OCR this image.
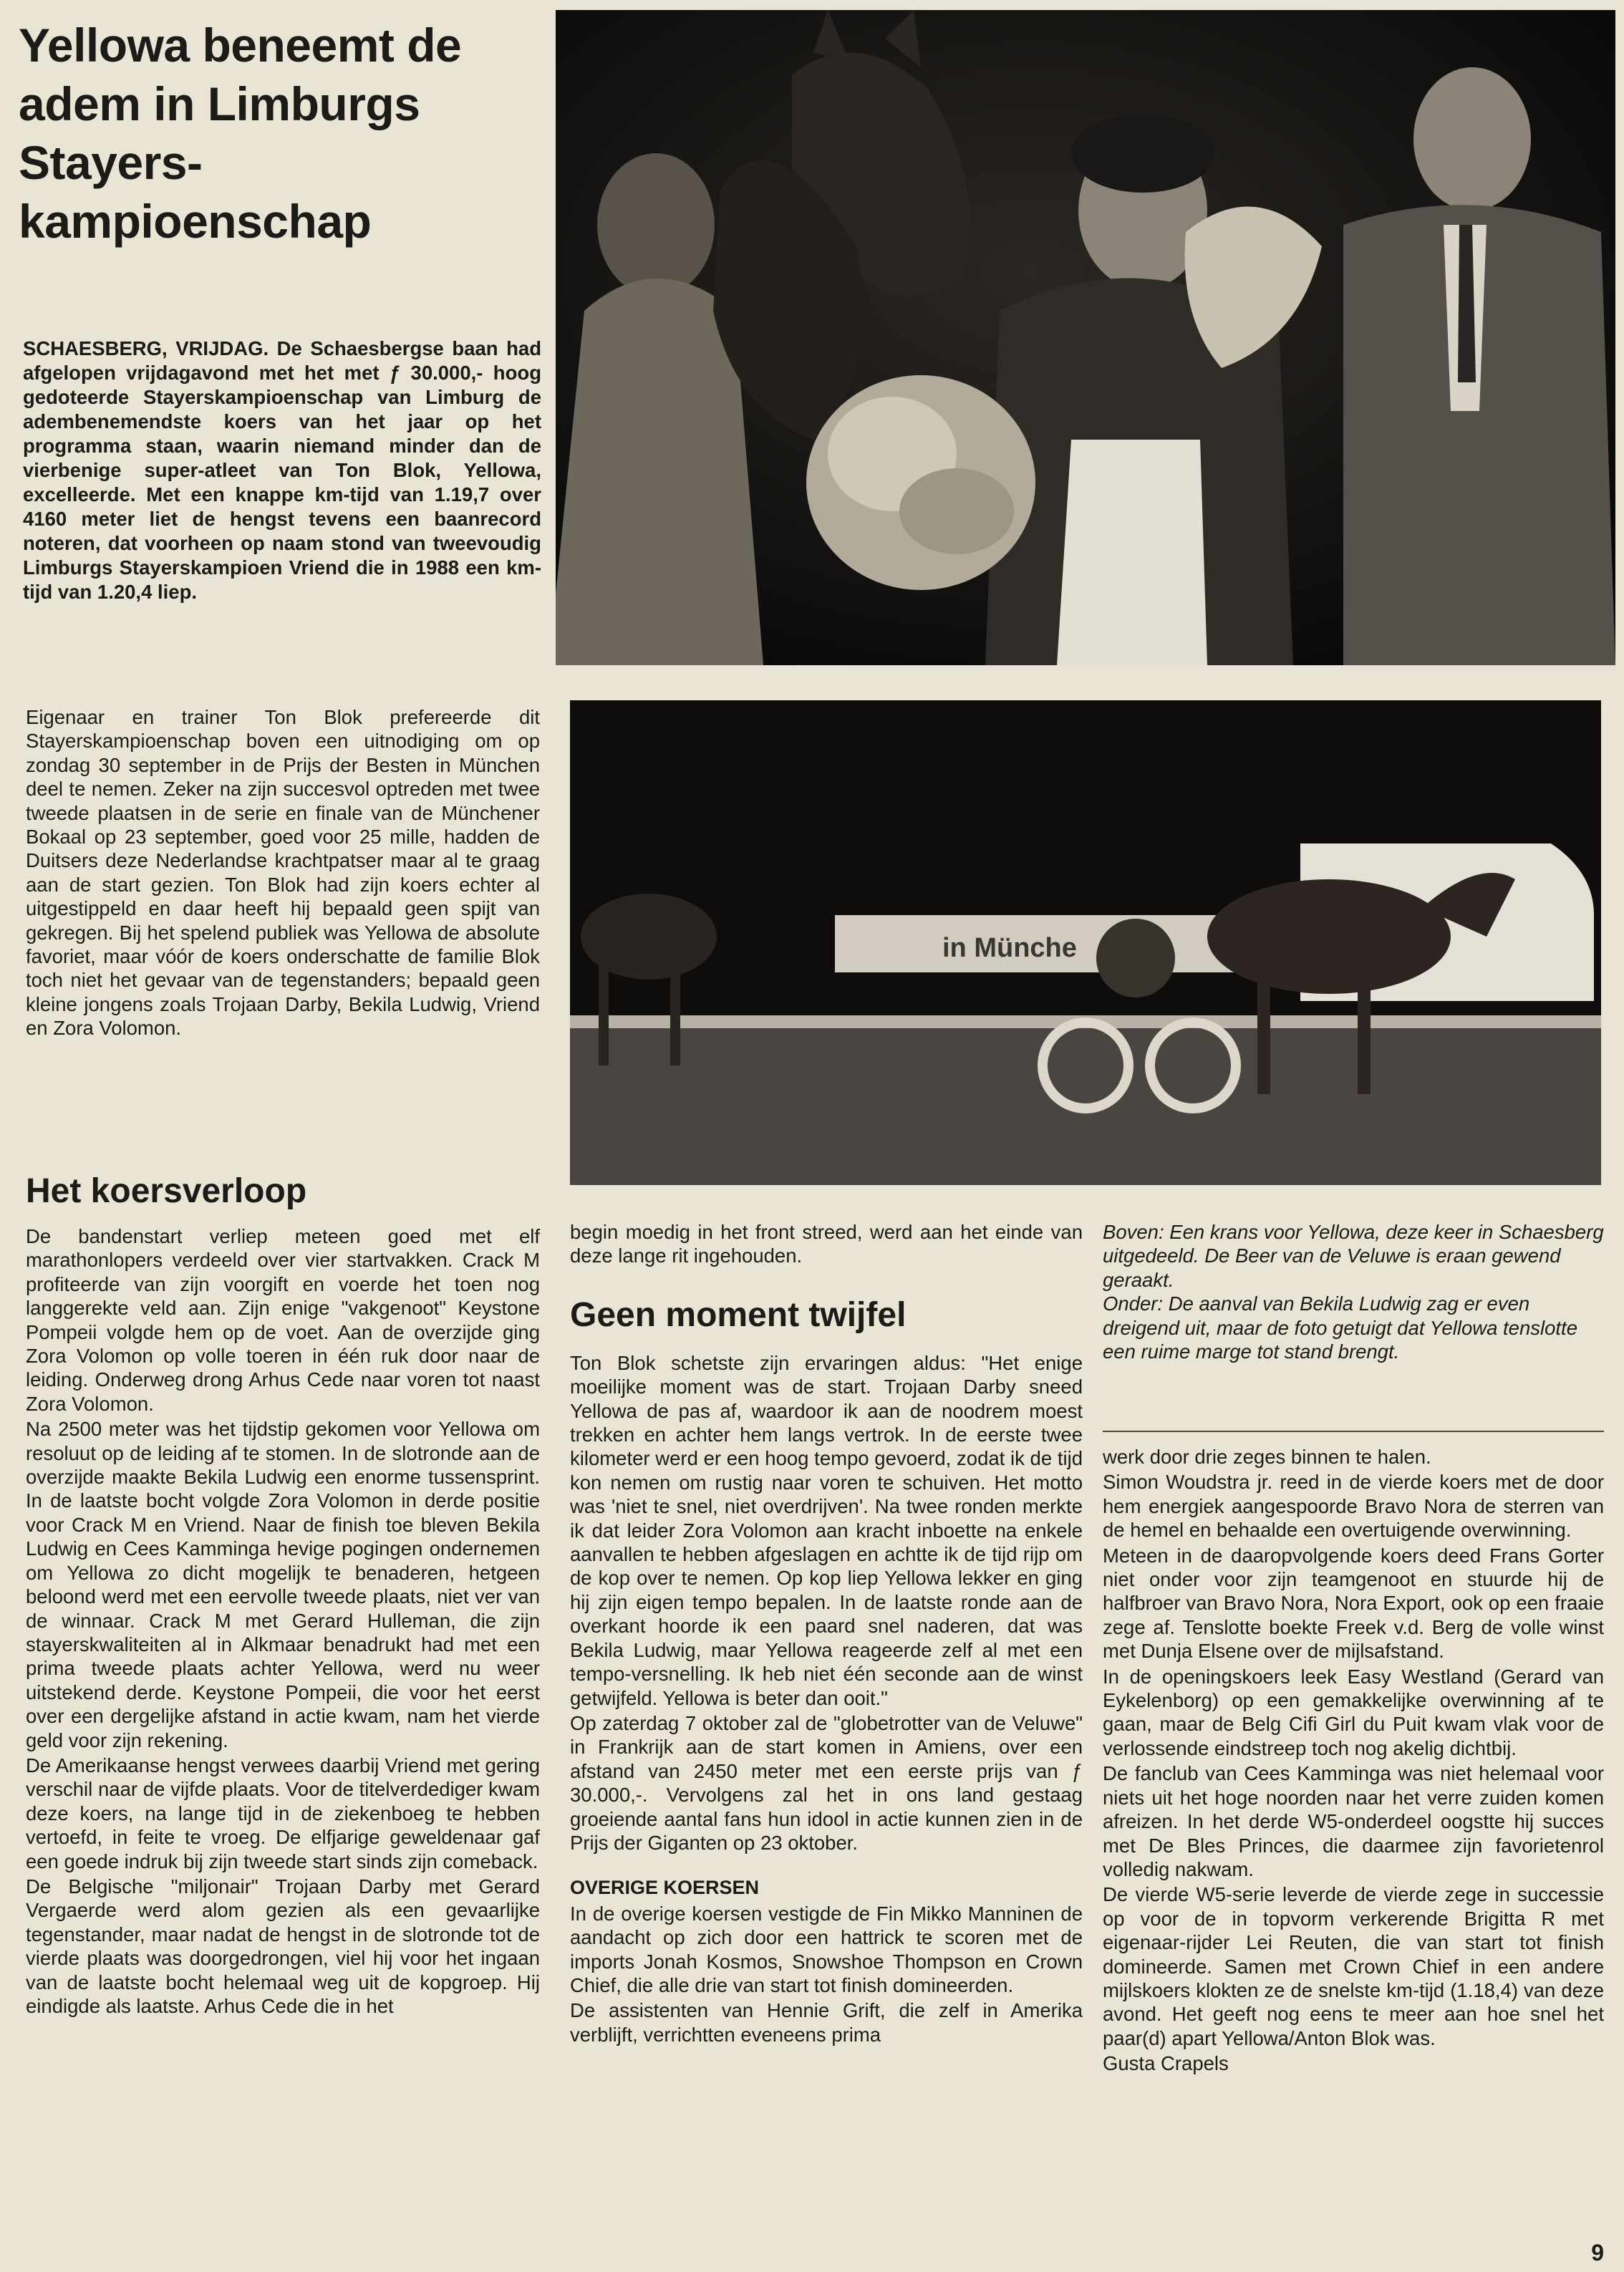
Yellowa beneemt de adem in Limburgs Stayers-kampioenschap

SCHAESBERG, VRIJDAG. De Schaesbergse baan had afgelopen vrijdagavond met het met ƒ 30.000,- hoog gedoteerde Stayerskampioenschap van Limburg de adembenemendste koers van het jaar op het programma staan, waarin niemand minder dan de vierbenige super-atleet van Ton Blok, Yellowa, excelleerde. Met een knappe km-tijd van 1.19,7 over 4160 meter liet de hengst tevens een baanrecord noteren, dat voorheen op naam stond van tweevoudig Limburgs Stayerskampioen Vriend die in 1988 een km-tijd van 1.20,4 liep.

Eigenaar en trainer Ton Blok prefereerde dit Stayerskampioenschap boven een uitnodiging om op zondag 30 september in de Prijs der Besten in München deel te nemen. Zeker na zijn succesvol optreden met twee tweede plaatsen in de serie en finale van de Münchener Bokaal op 23 september, goed voor 25 mille, hadden de Duitsers deze Nederlandse krachtpatser maar al te graag aan de start gezien. Ton Blok had zijn koers echter al uitgestippeld en daar heeft hij bepaald geen spijt van gekregen. Bij het spelend publiek was Yellowa de absolute favoriet, maar vóór de koers onderschatte de familie Blok toch niet het gevaar van de tegenstanders; bepaald geen kleine jongens zoals Trojaan Darby, Bekila Ludwig, Vriend en Zora Volomon.

Het koersverloop

De bandenstart verliep meteen goed met elf marathonlopers verdeeld over vier startvakken. Crack M profiteerde van zijn voorgift en voerde het toen nog langgerekte veld aan. Zijn enige "vakgenoot" Keystone Pompeii volgde hem op de voet. Aan de overzijde ging Zora Volomon op volle toeren in één ruk door naar de leiding. Onderweg drong Arhus Cede naar voren tot naast Zora Volomon.

Na 2500 meter was het tijdstip gekomen voor Yellowa om resoluut op de leiding af te stomen. In de slotronde aan de overzijde maakte Bekila Ludwig een enorme tussensprint. In de laatste bocht volgde Zora Volomon in derde positie voor Crack M en Vriend. Naar de finish toe bleven Bekila Ludwig en Cees Kamminga hevige pogingen ondernemen om Yellowa zo dicht mogelijk te benaderen, hetgeen beloond werd met een eervolle tweede plaats, niet ver van de winnaar. Crack M met Gerard Hulleman, die zijn stayerskwaliteiten al in Alkmaar benadrukt had met een prima tweede plaats achter Yellowa, werd nu weer uitstekend derde. Keystone Pompeii, die voor het eerst over een dergelijke afstand in actie kwam, nam het vierde geld voor zijn rekening.

De Amerikaanse hengst verwees daarbij Vriend met gering verschil naar de vijfde plaats. Voor de titelverdediger kwam deze koers, na lange tijd in de ziekenboeg te hebben vertoefd, in feite te vroeg. De elfjarige geweldenaar gaf een goede indruk bij zijn tweede start sinds zijn comeback.

De Belgische "miljonair" Trojaan Darby met Gerard Vergaerde werd alom gezien als een gevaarlijke tegenstander, maar nadat de hengst in de slotronde tot de vierde plaats was doorgedrongen, viel hij voor het ingaan van de laatste bocht helemaal weg uit de kopgroep. Hij eindigde als laatste. Arhus Cede die in het

in Münche

begin moedig in het front streed, werd aan het einde van deze lange rit ingehouden.

Geen moment twijfel

Ton Blok schetste zijn ervaringen aldus: "Het enige moeilijke moment was de start. Trojaan Darby sneed Yellowa de pas af, waardoor ik aan de noodrem moest trekken en achter hem langs vertrok. In de eerste twee kilometer werd er een hoog tempo gevoerd, zodat ik de tijd kon nemen om rustig naar voren te schuiven. Het motto was 'niet te snel, niet overdrijven'. Na twee ronden merkte ik dat leider Zora Volomon aan kracht inboette na enkele aanvallen te hebben afgeslagen en achtte ik de tijd rijp om de kop over te nemen. Op kop liep Yellowa lekker en ging hij zijn eigen tempo bepalen. In de laatste ronde aan de overkant hoorde ik een paard snel naderen, dat was Bekila Ludwig, maar Yellowa reageerde zelf al met een tempo-versnelling. Ik heb niet één seconde aan de winst getwijfeld. Yellowa is beter dan ooit."

Op zaterdag 7 oktober zal de "globetrotter van de Veluwe" in Frankrijk aan de start komen in Amiens, over een afstand van 2450 meter met een eerste prijs van ƒ 30.000,-. Vervolgens zal het in ons land gestaag groeiende aantal fans hun idool in actie kunnen zien in de Prijs der Giganten op 23 oktober.

OVERIGE KOERSEN

In de overige koersen vestigde de Fin Mikko Manninen de aandacht op zich door een hattrick te scoren met de imports Jonah Kosmos, Snowshoe Thompson en Crown Chief, die alle drie van start tot finish domineerden.

De assistenten van Hennie Grift, die zelf in Amerika verblijft, verrichtten eveneens prima

Boven: Een krans voor Yellowa, deze keer in Schaesberg uitgedeeld. De Beer van de Veluwe is eraan gewend geraakt.

Onder: De aanval van Bekila Ludwig zag er even dreigend uit, maar de foto getuigt dat Yellowa tenslotte een ruime marge tot stand brengt.

werk door drie zeges binnen te halen.

Simon Woudstra jr. reed in de vierde koers met de door hem energiek aangespoorde Bravo Nora de sterren van de hemel en behaalde een overtuigende overwinning.

Meteen in de daaropvolgende koers deed Frans Gorter niet onder voor zijn teamgenoot en stuurde hij de halfbroer van Bravo Nora, Nora Export, ook op een fraaie zege af. Tenslotte boekte Freek v.d. Berg de volle winst met Dunja Elsene over de mijlsafstand.

In de openingskoers leek Easy Westland (Gerard van Eykelenborg) op een gemakkelijke overwinning af te gaan, maar de Belg Cifi Girl du Puit kwam vlak voor de verlossende eindstreep toch nog akelig dichtbij.

De fanclub van Cees Kamminga was niet helemaal voor niets uit het hoge noorden naar het verre zuiden komen afreizen. In het derde W5-onderdeel oogstte hij succes met De Bles Princes, die daarmee zijn favorietenrol volledig nakwam.

De vierde W5-serie leverde de vierde zege in successie op voor de in topvorm verkerende Brigitta R met eigenaar-rijder Lei Reuten, die van start tot finish domineerde. Samen met Crown Chief in een andere mijlskoers klokten ze de snelste km-tijd (1.18,4) van deze avond. Het geeft nog eens te meer aan hoe snel het paar(d) apart Yellowa/Anton Blok was.

Gusta Crapels

9
